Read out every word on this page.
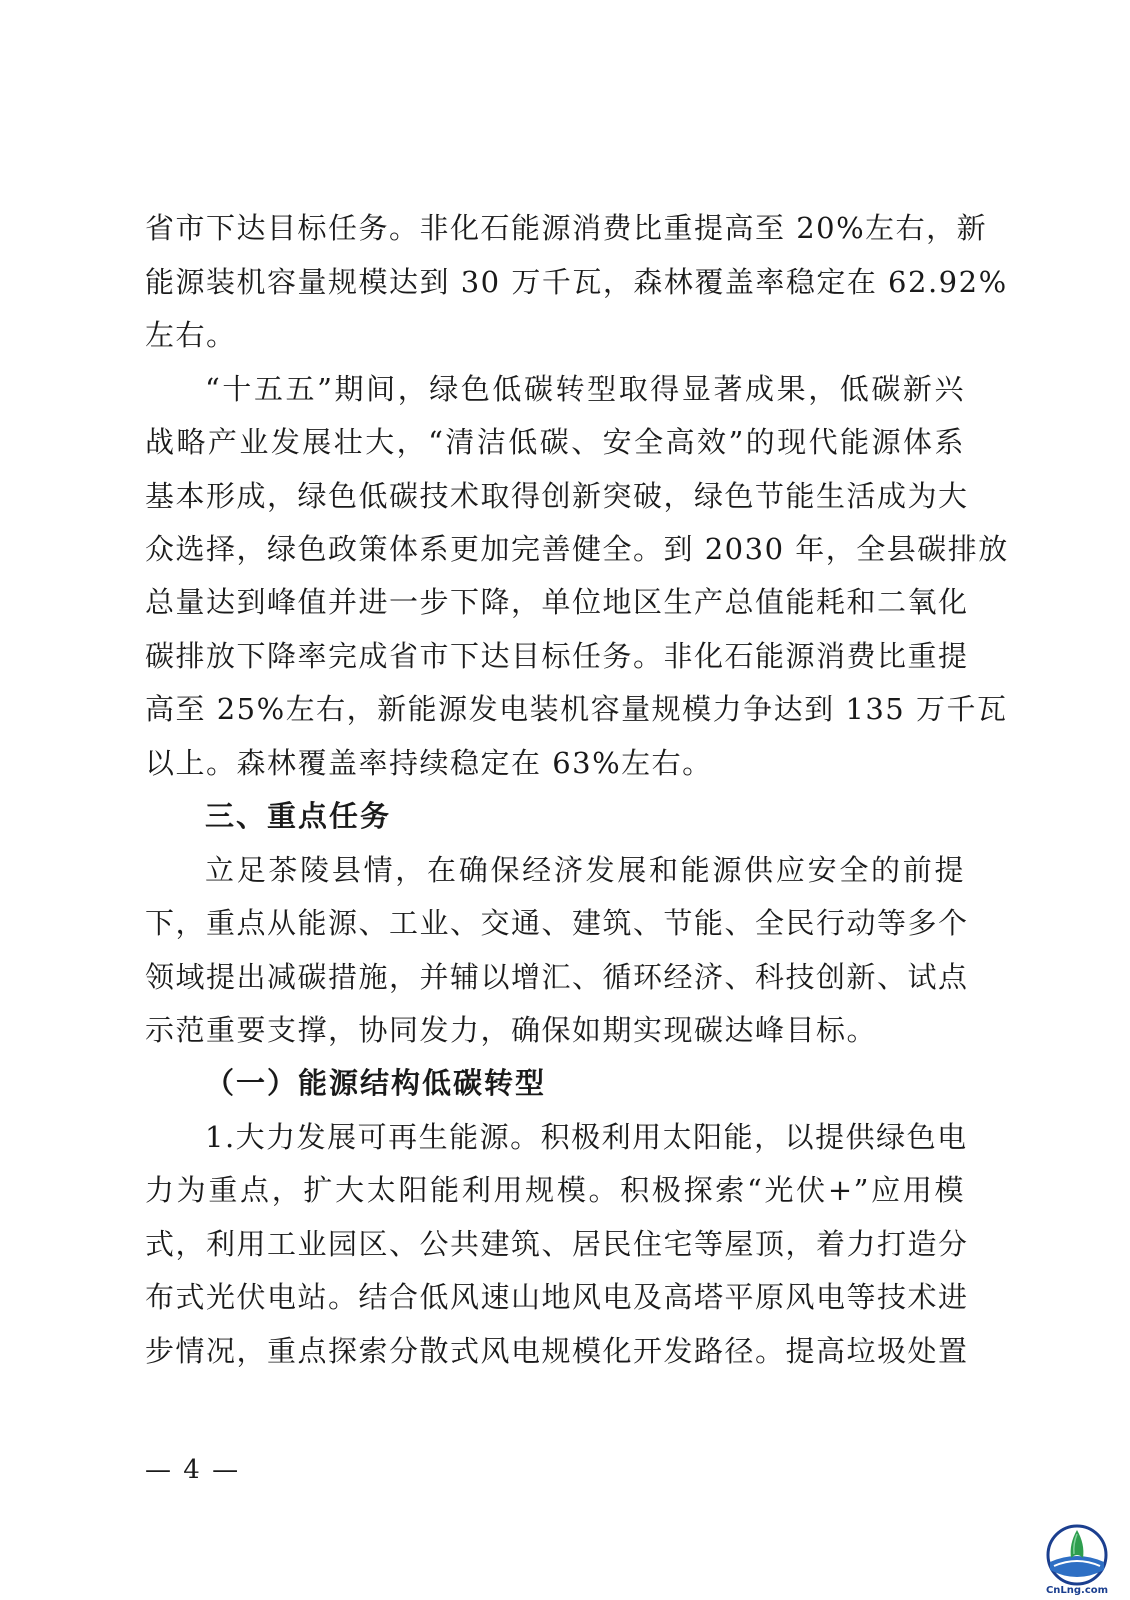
省市下达目标任务。非化石能源消费比重提高至 20%左右，新
能源装机容量规模达到 30 万千瓦，森林覆盖率稳定在 62.92%
左右。
“十五五”期间，绿色低碳转型取得显著成果，低碳新兴
战略产业发展壮大，“清洁低碳、安全高效”的现代能源体系
基本形成，绿色低碳技术取得创新突破，绿色节能生活成为大
众选择，绿色政策体系更加完善健全。到 2030 年，全县碳排放
总量达到峰值并进一步下降，单位地区生产总值能耗和二氧化
碳排放下降率完成省市下达目标任务。非化石能源消费比重提
高至 25%左右，新能源发电装机容量规模力争达到 135 万千瓦
以上。森林覆盖率持续稳定在 63%左右。
三、重点任务
立足茶陵县情，在确保经济发展和能源供应安全的前提
下，重点从能源、工业、交通、建筑、节能、全民行动等多个
领域提出减碳措施，并辅以增汇、循环经济、科技创新、试点
示范重要支撑，协同发力，确保如期实现碳达峰目标。
（一）能源结构低碳转型
1.大力发展可再生能源。积极利用太阳能，以提供绿色电
力为重点，扩大太阳能利用规模。积极探索“光伏+”应用模
式，利用工业园区、公共建筑、居民住宅等屋顶，着力打造分
布式光伏电站。结合低风速山地风电及高塔平原风电等技术进
步情况，重点探索分散式风电规模化开发路径。提高垃圾处置
— 4 —
CnLng.com
